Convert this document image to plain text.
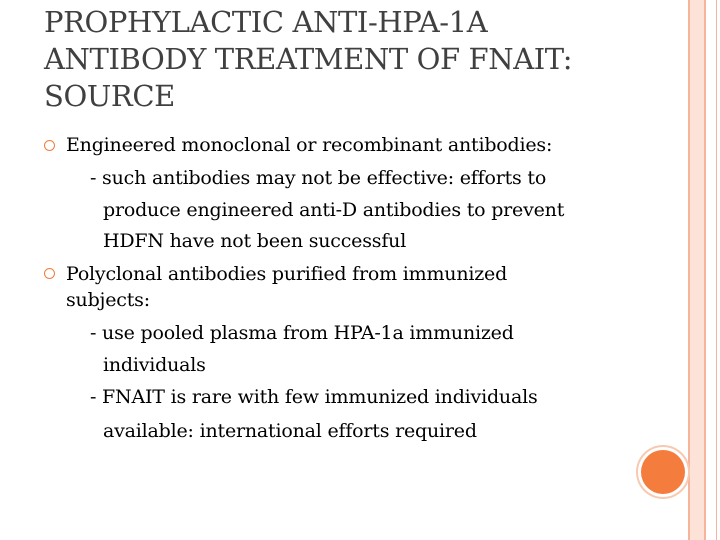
PROPHYLACTIC ANTI-HPA-1A
ANTIBODY TREATMENT OF FNAIT:
SOURCE
Engineered monoclonal or recombinant antibodies:
- such antibodies may not be effective: efforts to
produce engineered anti-D antibodies to prevent
HDFN have not been successful
Polyclonal antibodies purified from immunized
subjects:
- use pooled plasma from HPA-1a immunized
individuals
- FNAIT is rare with few immunized individuals
available: international efforts required
